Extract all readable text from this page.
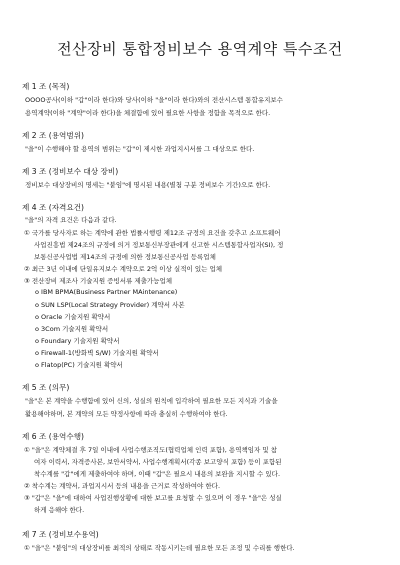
전산장비 통합정비보수 용역계약 특수조건
제 1 조 (목적)
OOOO공사(이하 "갑"이라 한다)와 당사(이하 "을"이라 한다)와의 전산시스템 통합유지보수
용역계약(이하 "계약"이라 한다)을 체결함에 있어 필요한 사항을 정함을 목적으로 한다.
제 2 조 (용역범위)
"을"이 수행해야 할 용역의 범위는 "갑"이 제시한 과업지시서를 그 대상으로 한다.
제 3 조 (정비보수 대상 장비)
정비보수 대상장비의 명세는 "붙임"에 명시된 내용(별첨 구분 정비보수 기간)으로 한다.
제 4 조 (자격요건)
"을"의 자격 요건은 다음과 같다.
① 국가를 당사자로 하는 계약에 관한 법률시행령 제12조 규정의 요건을 갖추고 소프트웨어
사업진흥법 제24조의 규정에 의거 정보통신부장관에게 신고한 시스템통합사업자(SI), 정
보통신공사업법 제14조의 규정에 의한 정보통신공사업 등록업체
② 최근 3년 이내에 단일유지보수 계약으로 2억 이상 실적이 있는 업체
③ 전산장비 제조사 기술지원 증빙서류 제출가능업체
o IBM BPMA(Business Partner MAintenance)
o SUN LSP(Local Strategy Provider) 계약서 사본
o Oracle 기술지원 확약서
o 3Com 기술지원 확약서
o Foundary 기술지원 확약서
o Firewall-1(방화벽 S/W) 기술지원 확약서
o Flatop(PC) 기술지원 확약서
제 5 조 (의무)
"을"은 본 계약을 수행함에 있어 신의, 성실의 원칙에 입각하여 필요한 모든 지식과 기술을
활용해야하며, 본 계약의 모든 약정사항에 따라 충실히 수행하여야 한다.
제 6 조 (용역수행)
① "을"은 계약체결 후 7일 이내에 사업수행조직도(협력업체 인력 포함), 용역책임자 및 참
여자 이력서, 자격증사본, 보안서약서, 사업수행계획서(각종 보고양식 포함) 등이 포함된
착수계를 "갑"에게 제출하여야 하며, 이때 "갑"은 필요시 내용의 보완을 지시할 수 있다.
② 착수계는 계약서, 과업지시서 등의 내용을 근거로 작성하여야 한다.
③ "갑"은 "을"에 대하여 사업진행상황에 대한 보고를 요청할 수 있으며 이 경우 "을"은 성실
하게 응해야 한다.
제 7 조 (정비보수용역)
① "을"은 "붙임"의 대상장비를 최적의 상태로 작동시키는데 필요한 모든 조정 및 수리를 행한다.
